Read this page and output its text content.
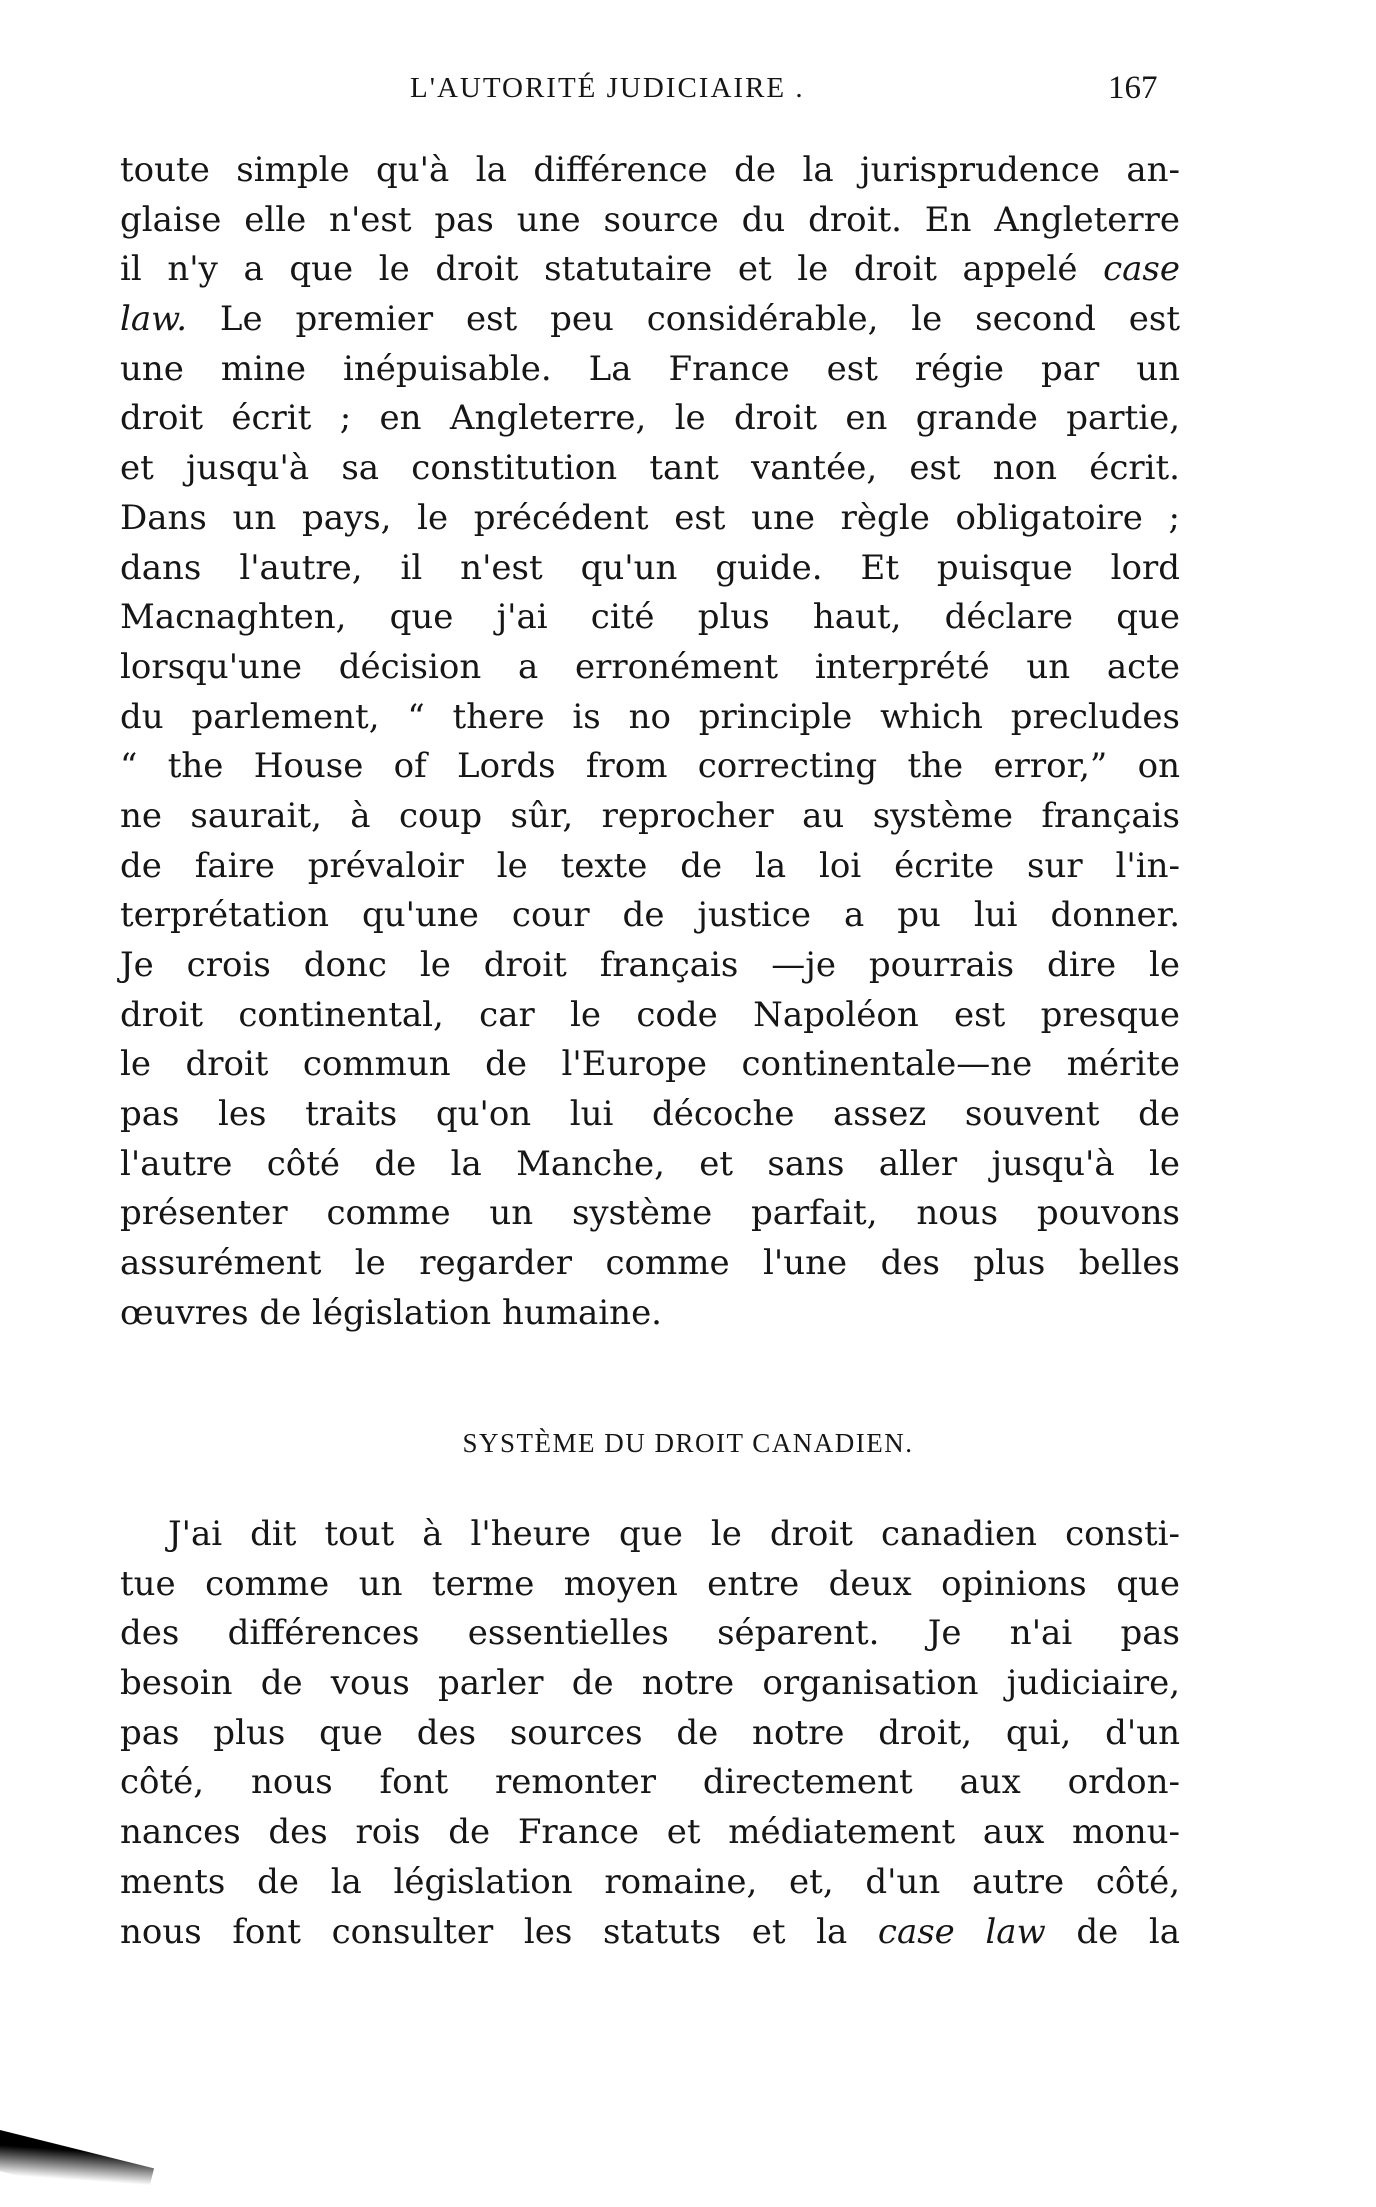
L'AUTORITÉ JUDICIAIRE .	167
toute simple qu'à la différence de la jurisprudence an-
glaise elle n'est pas une source du droit. En Angleterre
il n'y a que le droit statutaire et le droit appelé case
law. Le premier est peu considérable, le second est
une mine inépuisable. La France est régie par un
droit écrit ; en Angleterre, le droit en grande partie,
et jusqu'à sa constitution tant vantée, est non écrit.
Dans un pays, le précédent est une règle obligatoire ;
dans l'autre, il n'est qu'un guide. Et puisque lord
Macnaghten, que j'ai cité plus haut, déclare que
lorsqu'une décision a erronément interprété un acte
du parlement, “ there is no principle which precludes
“ the House of Lords from correcting the error,” on
ne saurait, à coup sûr, reprocher au système français
de faire prévaloir le texte de la loi écrite sur l'in-
terprétation qu'une cour de justice a pu lui donner.
Je crois donc le droit français —je pourrais dire le
droit continental, car le code Napoléon est presque
le droit commun de l'Europe continentale—ne mérite
pas les traits qu'on lui décoche assez souvent de
l'autre côté de la Manche, et sans aller jusqu'à le
présenter comme un système parfait, nous pouvons
assurément le regarder comme l'une des plus belles
œuvres de législation humaine.
SYSTÈME DU DROIT CANADIEN.
J'ai dit tout à l'heure que le droit canadien consti-
tue comme un terme moyen entre deux opinions que
des différences essentielles séparent. Je n'ai pas
besoin de vous parler de notre organisation judiciaire,
pas plus que des sources de notre droit, qui, d'un
côté, nous font remonter directement aux ordon-
nances des rois de France et médiatement aux monu-
ments de la législation romaine, et, d'un autre côté,
nous font consulter les statuts et la case law de la
